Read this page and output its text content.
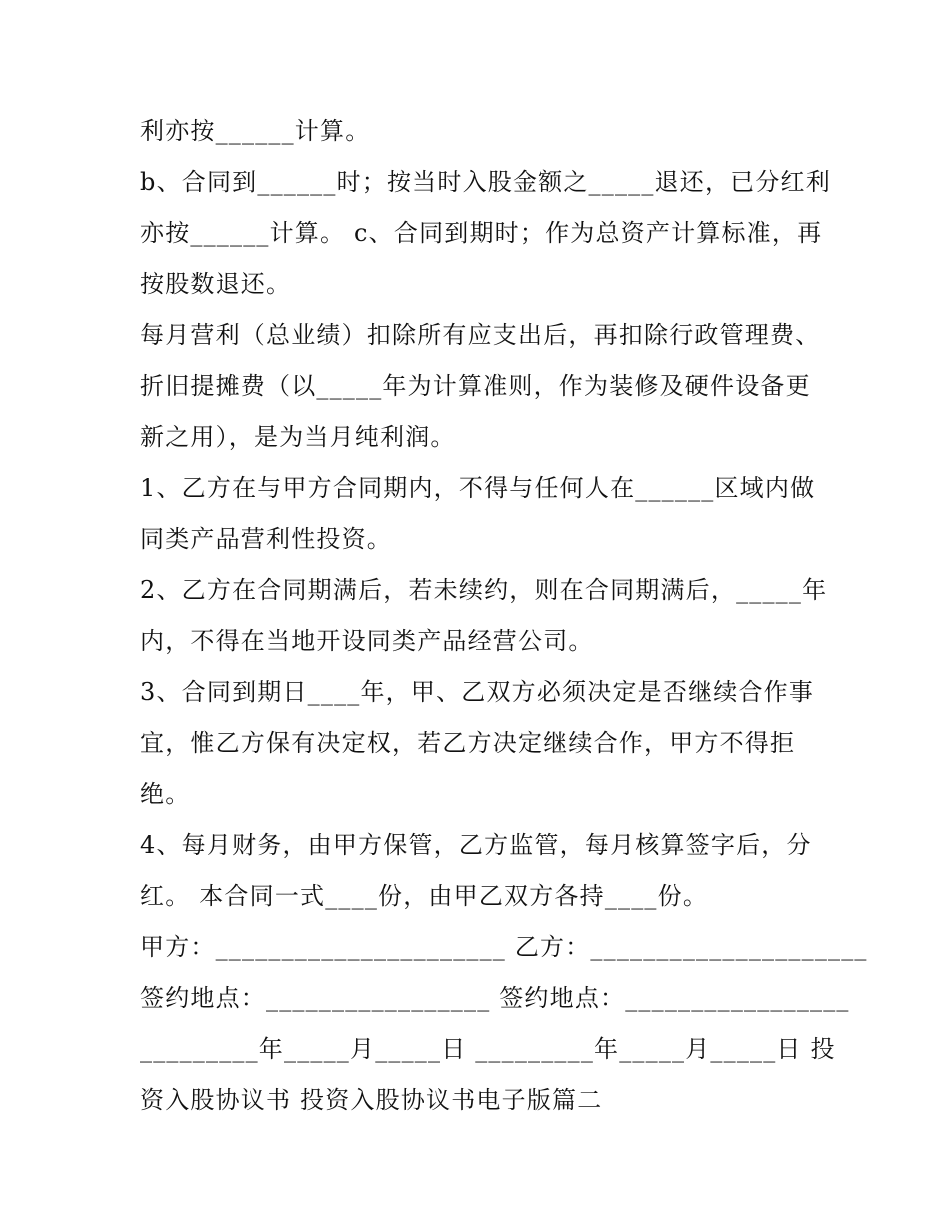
利亦按______计算。
b、合同到______时；按当时入股金额之_____退还，已分红利
亦按______计算。 c、合同到期时；作为总资产计算标准，再
按股数退还。
每月营利（总业绩）扣除所有应支出后，再扣除行政管理费、
折旧提摊费（以_____年为计算准则，作为装修及硬件设备更
新之用），是为当月纯利润。
1、乙方在与甲方合同期内，不得与任何人在______区域内做
同类产品营利性投资。
2、乙方在合同期满后，若未续约，则在合同期满后，_____年
内，不得在当地开设同类产品经营公司。
3、合同到期日____年，甲、乙双方必须决定是否继续合作事
宜，惟乙方保有决定权，若乙方决定继续合作，甲方不得拒
绝。
4、每月财务，由甲方保管，乙方监管，每月核算签字后，分
红。 本合同一式____份，由甲乙双方各持____份。
甲方：______________________ 乙方：_____________________
签约地点：_________________ 签约地点：_________________
_________年_____月_____日 _________年_____月_____日 投
资入股协议书 投资入股协议书电子版篇二
